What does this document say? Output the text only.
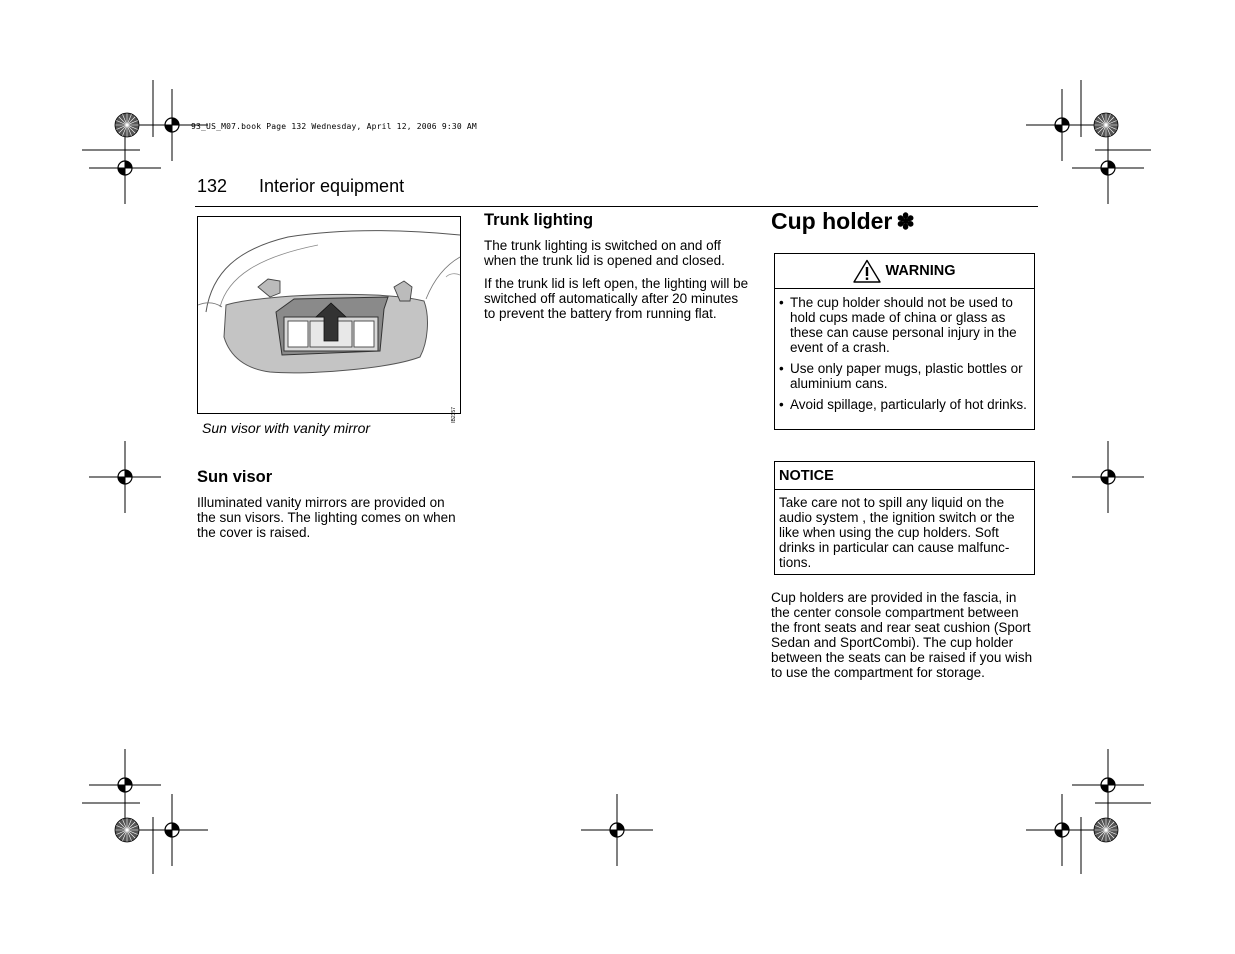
93_US_M07.book Page 132 Wednesday, April 12, 2006 9:30 AM
132 Interior equipment
IB2357
Sun visor with vanity mirror
Sun visor

Illuminated vanity mirrors are provided on the sun visors. The lighting comes on when the cover is raised.

Trunk lighting

The trunk lighting is switched on and off when the trunk lid is opened and closed.

If the trunk lid is left open, the lighting will be switched off automatically after 20 minutes to prevent the battery from running flat.

Cup holder ✽
WARNING
• The cup holder should not be used to hold cups made of china or glass as these can cause personal injury in the event of a crash.
• Use only paper mugs, plastic bottles or aluminium cans.
• Avoid spillage, particularly of hot drinks.
NOTICE

Take care not to spill any liquid on the audio system , the ignition switch or the like when using the cup holders. Soft drinks in particular can cause malfunc-tions.

Cup holders are provided in the fascia, in the center console compartment between the front seats and rear seat cushion (Sport Sedan and SportCombi). The cup holder between the seats can be raised if you wish to use the compartment for storage.
